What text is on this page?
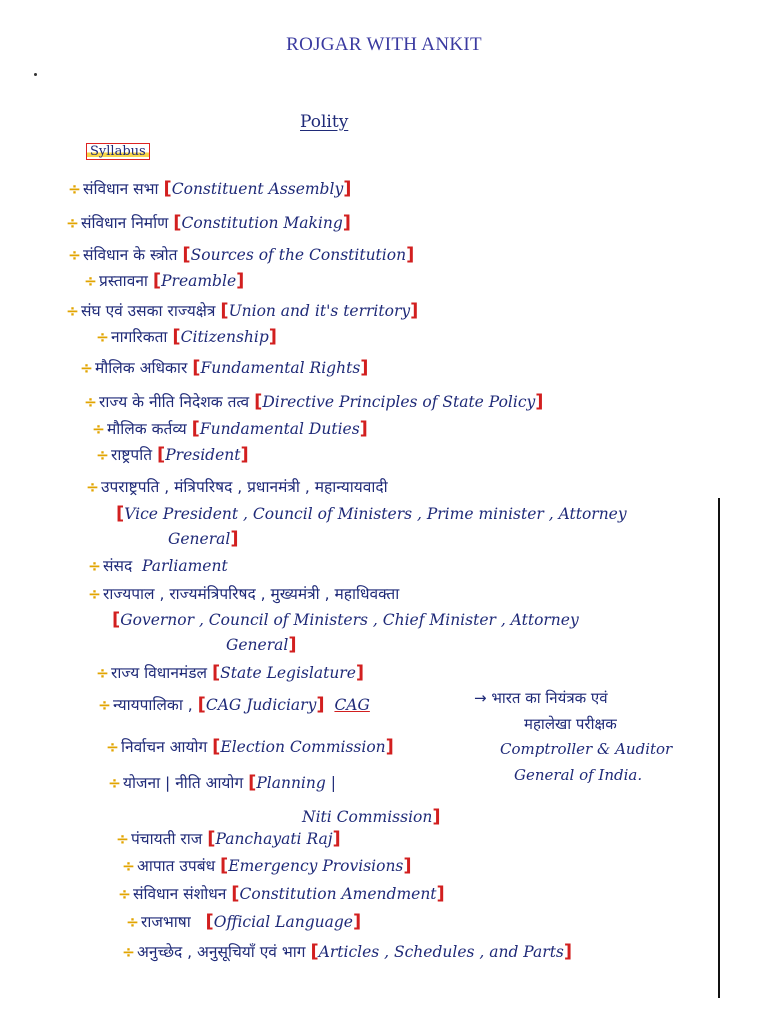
ROJGAR WITH ANKIT
Polity
Syllabus
÷ संविधान सभा [Constituent Assembly]
÷ संविधान निर्माण [Constitution Making]
÷ संविधान के स्त्रोत [Sources of the Constitution]
÷ प्रस्तावना [Preamble]
÷ संघ एवं उसका राज्यक्षेत्र [Union and it's territory]
÷ नागरिकता [Citizenship]
÷ मौलिक अधिकार [Fundamental Rights]
÷ राज्य के नीति निदेशक तत्व [Directive Principles of State Policy]
÷ मौलिक कर्तव्य [Fundamental Duties]
÷ राष्ट्रपति [President]
÷ उपराष्ट्रपति , मंत्रिपरिषद , प्रधानमंत्री , महान्यायवादी
[Vice President , Council of Ministers , Prime minister , Attorney
General]
÷ संसद Parliament
÷ राज्यपाल , राज्यमंत्रिपरिषद , मुख्यमंत्री , महाधिवक्ता
[Governor , Council of Ministers , Chief Minister , Attorney
General]
÷ राज्य विधानमंडल [State Legislature]
÷ न्यायपालिका , [CAG Judiciary] CAG	→ भारत का नियंत्रक एवं
महालेखा परीक्षक
Comptroller & Auditor
General of India.
÷ निर्वाचन आयोग [Election Commission]
÷ योजना | नीति आयोग [Planning |
Niti Commission]
÷ पंचायती राज [Panchayati Raj]
÷ आपात उपबंध [Emergency Provisions]
÷ संविधान संशोधन [Constitution Amendment]
÷ राजभाषा [Official Language]
÷ अनुच्छेद , अनुसूचियाँ एवं भाग [Articles , Schedules , and Parts]
